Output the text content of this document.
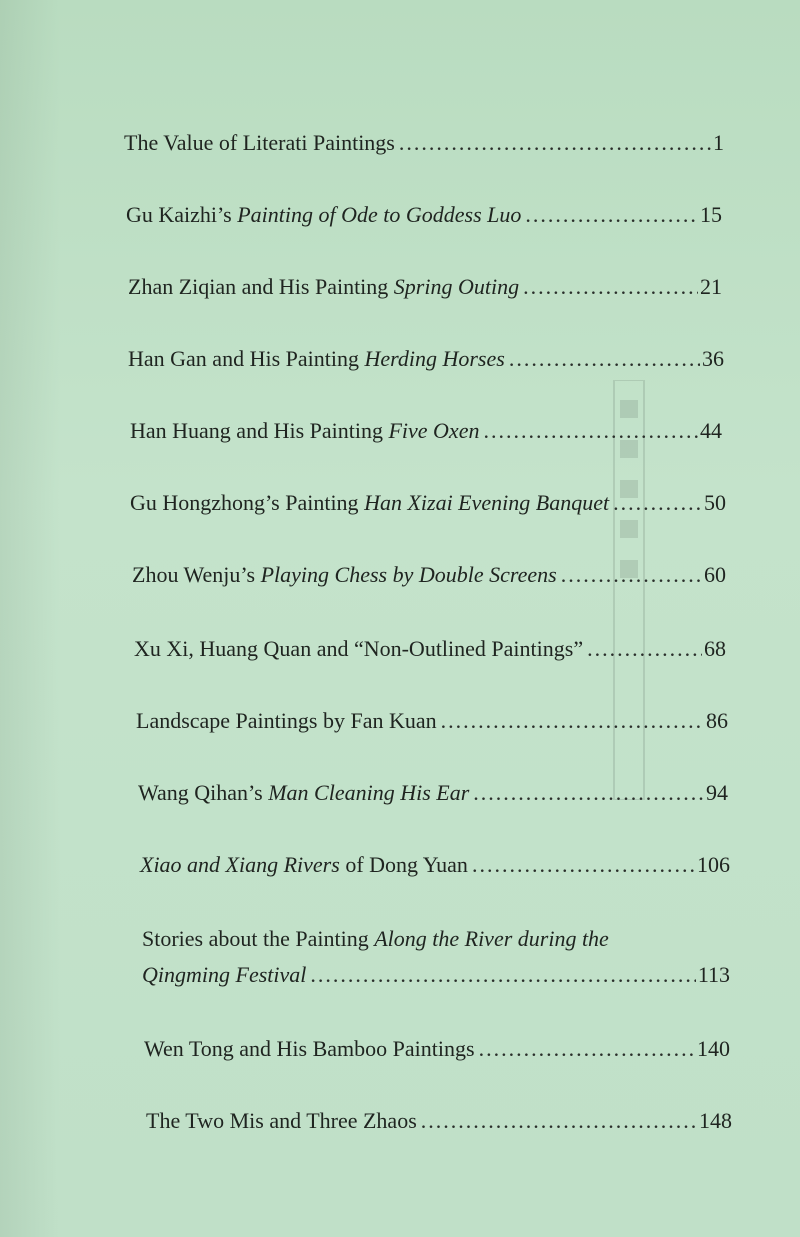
The Value of Literati Paintings .....	1
Gu Kaizhi’s Painting of Ode to Goddess Luo .....	15
Zhan Ziqian and His Painting Spring Outing .....	21
Han Gan and His Painting Herding Horses .....	36
Han Huang and His Painting Five Oxen .....	44
Gu Hongzhong’s Painting Han Xizai Evening Banquet .....	50
Zhou Wenju’s Playing Chess by Double Screens .....	60
Xu Xi, Huang Quan and “Non-Outlined Paintings” .....	68
Landscape Paintings by Fan Kuan .....	86
Wang Qihan’s Man Cleaning His Ear .....	94
Xiao and Xiang Rivers of Dong Yuan .....	106
Stories about the Painting Along the River during the
Qingming Festival .....	113
Wen Tong and His Bamboo Paintings .....	140
The Two Mis and Three Zhaos .....	148
